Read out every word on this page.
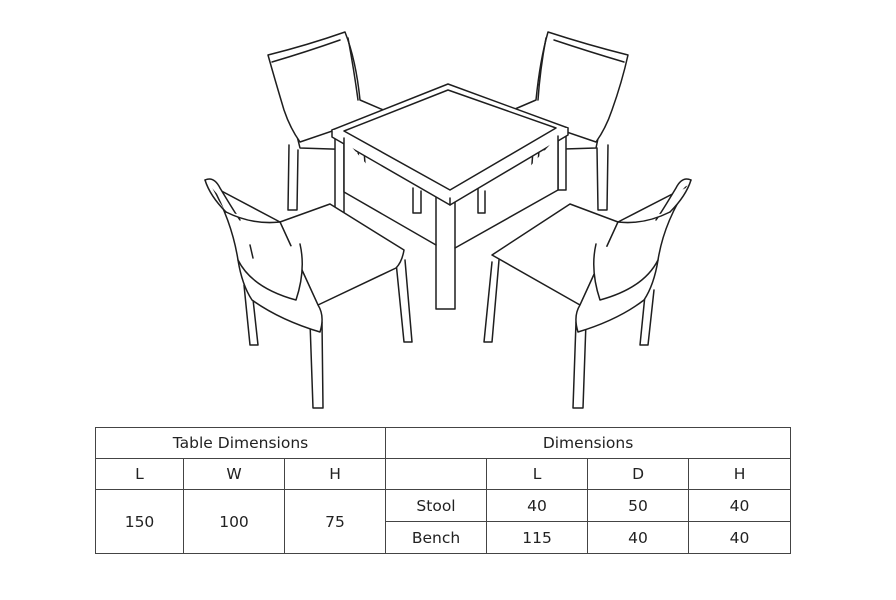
Table Dimensions			Dimensions			
L	W	H		L	D	H
150	100	75	Stool	40	50	40
			Bench	115	40	40
